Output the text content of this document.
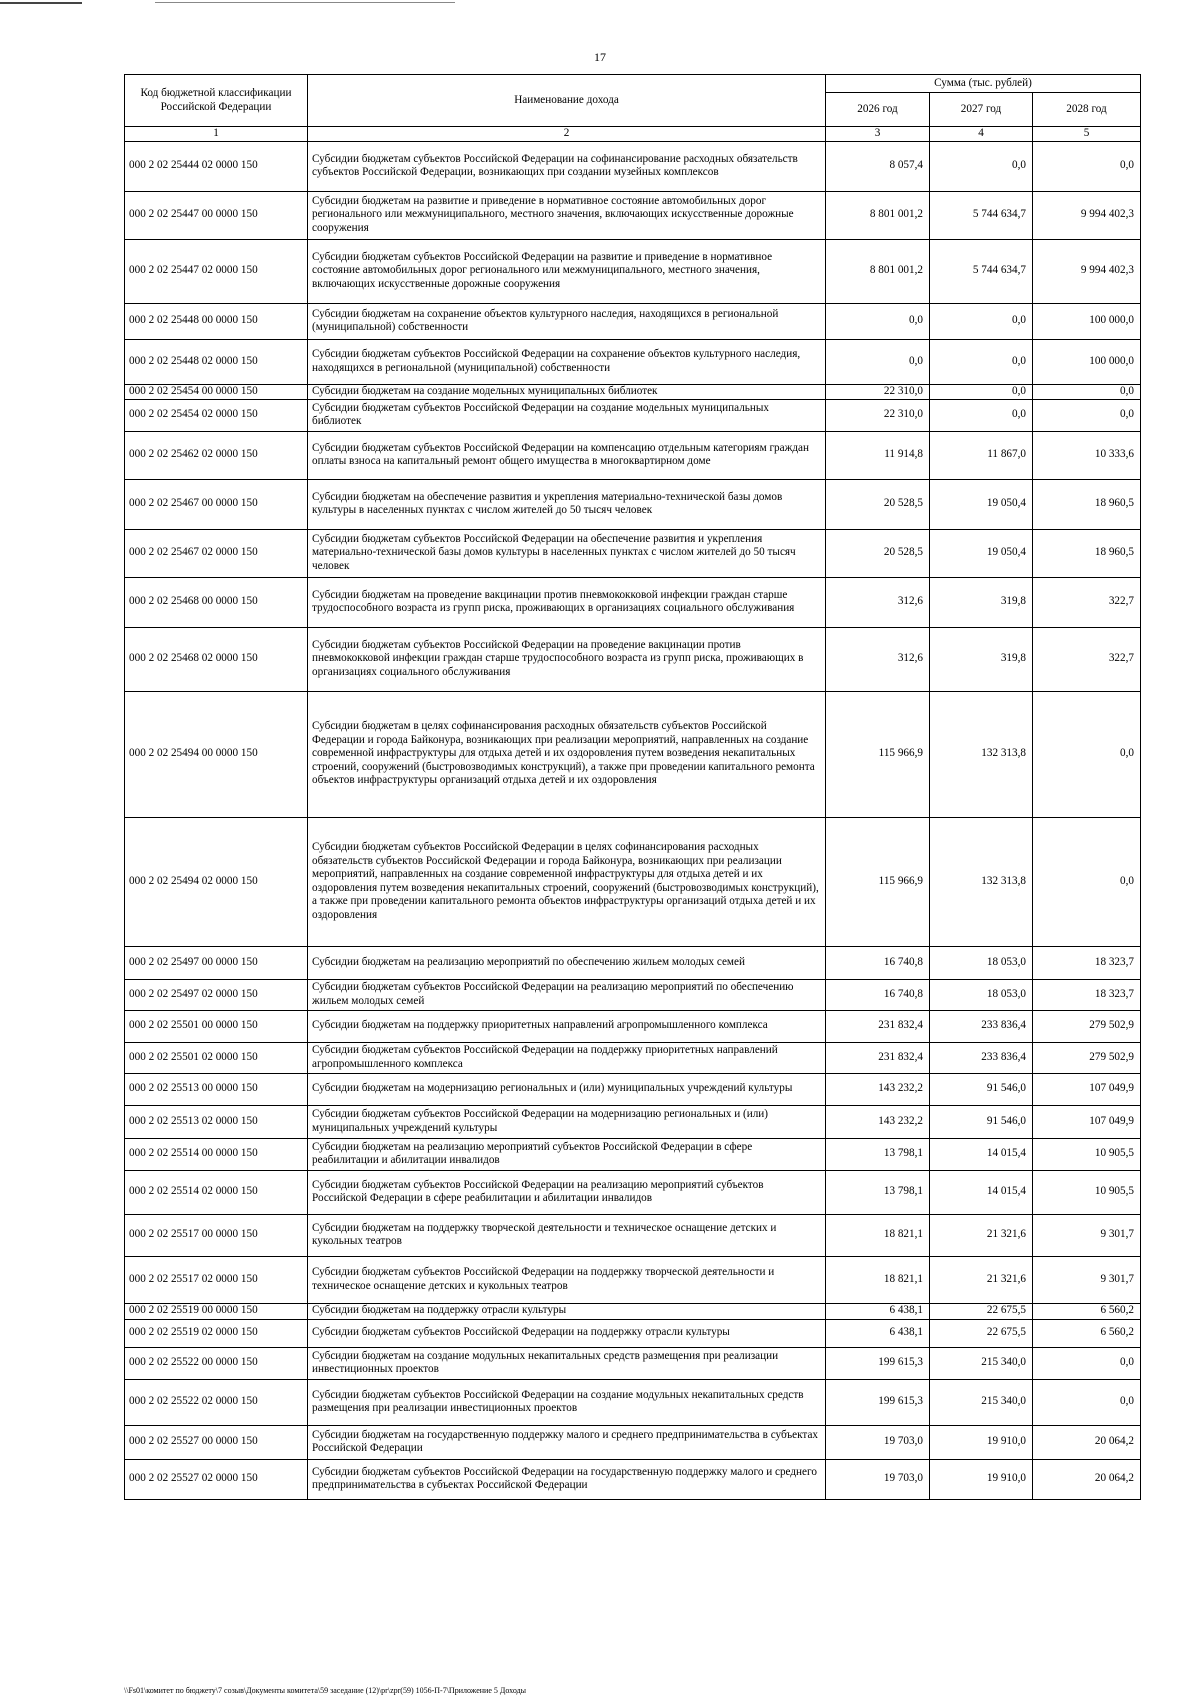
17
Код бюджетной классификации Российской Федерации	Наименование дохода	Сумма (тыс. рублей)		
		2026 год	2027 год	2028 год
1	2	3	4	5
000 2 02 25444 02 0000 150	Субсидии бюджетам субъектов Российской Федерации на софинансирование расходных обязательств субъектов Российской Федерации, возникающих при создании музейных комплексов	8 057,4	0,0	0,0
000 2 02 25447 00 0000 150	Субсидии бюджетам на развитие и приведение в нормативное состояние автомобильных дорог регионального или межмуниципального, местного значения, включающих искусственные дорожные сооружения	8 801 001,2	5 744 634,7	9 994 402,3
000 2 02 25447 02 0000 150	Субсидии бюджетам субъектов Российской Федерации на развитие и приведение в нормативное состояние автомобильных дорог регионального или межмуниципального, местного значения, включающих искусственные дорожные сооружения	8 801 001,2	5 744 634,7	9 994 402,3
000 2 02 25448 00 0000 150	Субсидии бюджетам на сохранение объектов культурного наследия, находящихся в региональной (муниципальной) собственности	0,0	0,0	100 000,0
000 2 02 25448 02 0000 150	Субсидии бюджетам субъектов Российской Федерации на сохранение объектов культурного наследия, находящихся в региональной (муниципальной) собственности	0,0	0,0	100 000,0
000 2 02 25454 00 0000 150	Субсидии бюджетам на создание модельных муниципальных библиотек	22 310,0	0,0	0,0
000 2 02 25454 02 0000 150	Субсидии бюджетам субъектов Российской Федерации на создание модельных муниципальных библиотек	22 310,0	0,0	0,0
000 2 02 25462 02 0000 150	Субсидии бюджетам субъектов Российской Федерации на компенсацию отдельным категориям граждан оплаты взноса на капитальный ремонт общего имущества в многоквартирном доме	11 914,8	11 867,0	10 333,6
000 2 02 25467 00 0000 150	Субсидии бюджетам на обеспечение развития и укрепления материально-технической базы домов культуры в населенных пунктах с числом жителей до 50 тысяч человек	20 528,5	19 050,4	18 960,5
000 2 02 25467 02 0000 150	Субсидии бюджетам субъектов Российской Федерации на обеспечение развития и укрепления материально-технической базы домов культуры в населенных пунктах с числом жителей до 50 тысяч человек	20 528,5	19 050,4	18 960,5
000 2 02 25468 00 0000 150	Субсидии бюджетам на проведение вакцинации против пневмококковой инфекции граждан старше трудоспособного возраста из групп риска, проживающих в организациях социального обслуживания	312,6	319,8	322,7
000 2 02 25468 02 0000 150	Субсидии бюджетам субъектов Российской Федерации на проведение вакцинации против пневмококковой инфекции граждан старше трудоспособного возраста из групп риска, проживающих в организациях социального обслуживания	312,6	319,8	322,7
000 2 02 25494 00 0000 150	Субсидии бюджетам в целях софинансирования расходных обязательств субъектов Российской Федерации и города Байконура, возникающих при реализации мероприятий, направленных на создание современной инфраструктуры для отдыха детей и их оздоровления путем возведения некапитальных строений, сооружений (быстровозводимых конструкций), а также при проведении капитального ремонта объектов инфраструктуры организаций отдыха детей и их оздоровления	115 966,9	132 313,8	0,0
000 2 02 25494 02 0000 150	Субсидии бюджетам субъектов Российской Федерации в целях софинансирования расходных обязательств субъектов Российской Федерации и города Байконура, возникающих при реализации мероприятий, направленных на создание современной инфраструктуры для отдыха детей и их оздоровления путем возведения некапитальных строений, сооружений (быстровозводимых конструкций), а также при проведении капитального ремонта объектов инфраструктуры организаций отдыха детей и их оздоровления	115 966,9	132 313,8	0,0
000 2 02 25497 00 0000 150	Субсидии бюджетам на реализацию мероприятий по обеспечению жильем молодых семей	16 740,8	18 053,0	18 323,7
000 2 02 25497 02 0000 150	Субсидии бюджетам субъектов Российской Федерации на реализацию мероприятий по обеспечению жильем молодых семей	16 740,8	18 053,0	18 323,7
000 2 02 25501 00 0000 150	Субсидии бюджетам на поддержку приоритетных направлений агропромышленного комплекса	231 832,4	233 836,4	279 502,9
000 2 02 25501 02 0000 150	Субсидии бюджетам субъектов Российской Федерации на поддержку приоритетных направлений агропромышленного комплекса	231 832,4	233 836,4	279 502,9
000 2 02 25513 00 0000 150	Субсидии бюджетам на модернизацию региональных и (или) муниципальных учреждений культуры	143 232,2	91 546,0	107 049,9
000 2 02 25513 02 0000 150	Субсидии бюджетам субъектов Российской Федерации на модернизацию региональных и (или) муниципальных учреждений культуры	143 232,2	91 546,0	107 049,9
000 2 02 25514 00 0000 150	Субсидии бюджетам на реализацию мероприятий субъектов Российской Федерации в сфере реабилитации и абилитации инвалидов	13 798,1	14 015,4	10 905,5
000 2 02 25514 02 0000 150	Субсидии бюджетам субъектов Российской Федерации на реализацию мероприятий субъектов Российской Федерации в сфере реабилитации и абилитации инвалидов	13 798,1	14 015,4	10 905,5
000 2 02 25517 00 0000 150	Субсидии бюджетам на поддержку творческой деятельности и техническое оснащение детских и кукольных театров	18 821,1	21 321,6	9 301,7
000 2 02 25517 02 0000 150	Субсидии бюджетам субъектов Российской Федерации на поддержку творческой деятельности и техническое оснащение детских и кукольных театров	18 821,1	21 321,6	9 301,7
000 2 02 25519 00 0000 150	Субсидии бюджетам на поддержку отрасли культуры	6 438,1	22 675,5	6 560,2
000 2 02 25519 02 0000 150	Субсидии бюджетам субъектов Российской Федерации на поддержку отрасли культуры	6 438,1	22 675,5	6 560,2
000 2 02 25522 00 0000 150	Субсидии бюджетам на создание модульных некапитальных средств размещения при реализации инвестиционных проектов	199 615,3	215 340,0	0,0
000 2 02 25522 02 0000 150	Субсидии бюджетам субъектов Российской Федерации на создание модульных некапитальных средств размещения при реализации инвестиционных проектов	199 615,3	215 340,0	0,0
000 2 02 25527 00 0000 150	Субсидии бюджетам на государственную поддержку малого и среднего предпринимательства в субъектах Российской Федерации	19 703,0	19 910,0	20 064,2
000 2 02 25527 02 0000 150	Субсидии бюджетам субъектов Российской Федерации на государственную поддержку малого и среднего предпринимательства в субъектах Российской Федерации	19 703,0	19 910,0	20 064,2
\\Fs01\комитет по бюджету\7 созыв\Документы комитета\59 заседание (12)\pr\zpr(59) 1056-П-7\Приложение 5 Доходы
